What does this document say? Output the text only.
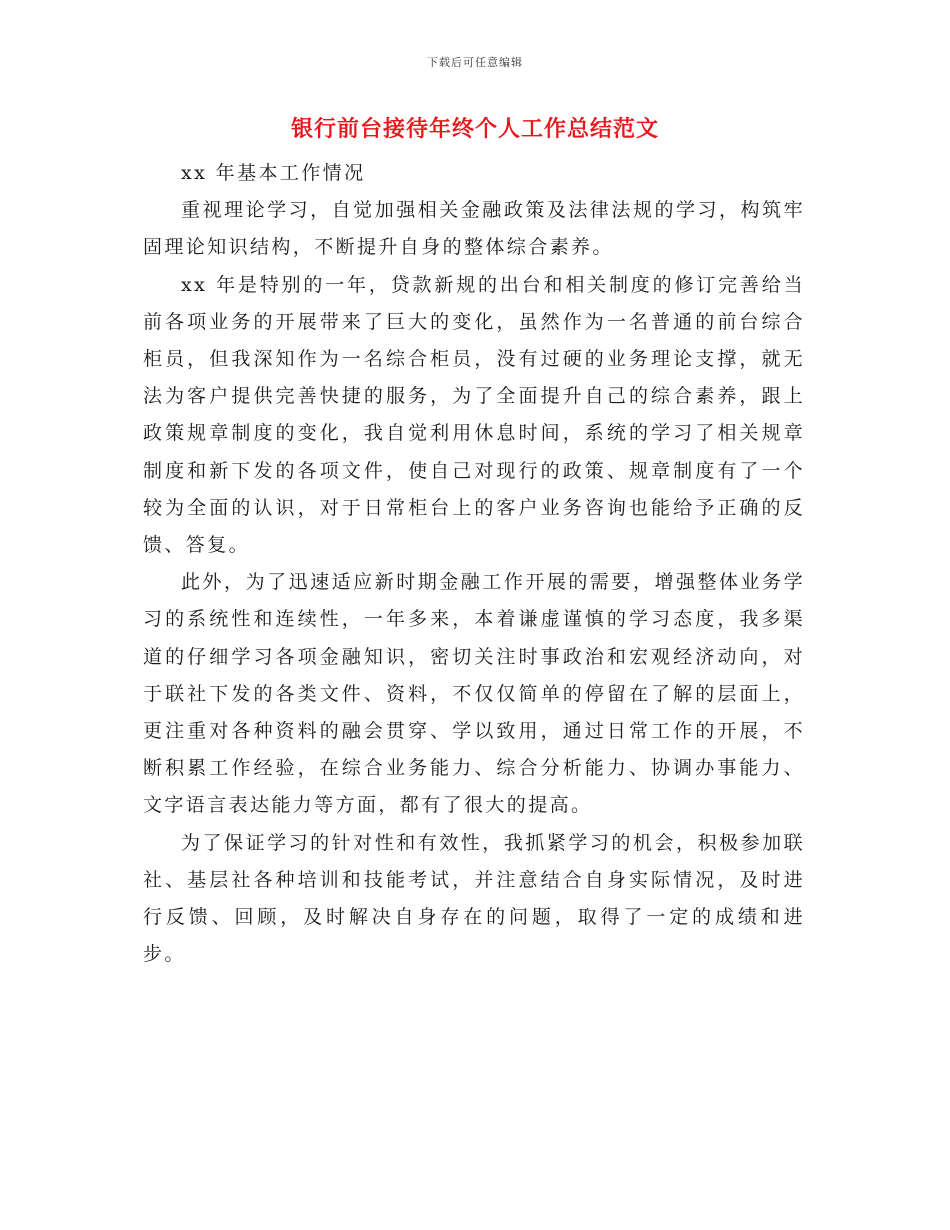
下载后可任意编辑
银行前台接待年终个人工作总结范文

xx 年基本工作情况

重视理论学习，自觉加强相关金融政策及法律法规的学习，构筑牢固理论知识结构，不断提升自身的整体综合素养。

xx 年是特别的一年，贷款新规的出台和相关制度的修订完善给当前各项业务的开展带来了巨大的变化，虽然作为一名普通的前台综合柜员，但我深知作为一名综合柜员，没有过硬的业务理论支撑，就无法为客户提供完善快捷的服务，为了全面提升自己的综合素养，跟上政策规章制度的变化，我自觉利用休息时间，系统的学习了相关规章制度和新下发的各项文件，使自己对现行的政策、规章制度有了一个较为全面的认识，对于日常柜台上的客户业务咨询也能给予正确的反馈、答复。

此外，为了迅速适应新时期金融工作开展的需要，增强整体业务学习的系统性和连续性，一年多来，本着谦虚谨慎的学习态度，我多渠道的仔细学习各项金融知识，密切关注时事政治和宏观经济动向，对于联社下发的各类文件、资料，不仅仅简单的停留在了解的层面上，更注重对各种资料的融会贯穿、学以致用，通过日常工作的开展，不断积累工作经验，在综合业务能力、综合分析能力、协调办事能力、文字语言表达能力等方面，都有了很大的提高。

为了保证学习的针对性和有效性，我抓紧学习的机会，积极参加联社、基层社各种培训和技能考试，并注意结合自身实际情况，及时进行反馈、回顾，及时解决自身存在的问题，取得了一定的成绩和进步。
